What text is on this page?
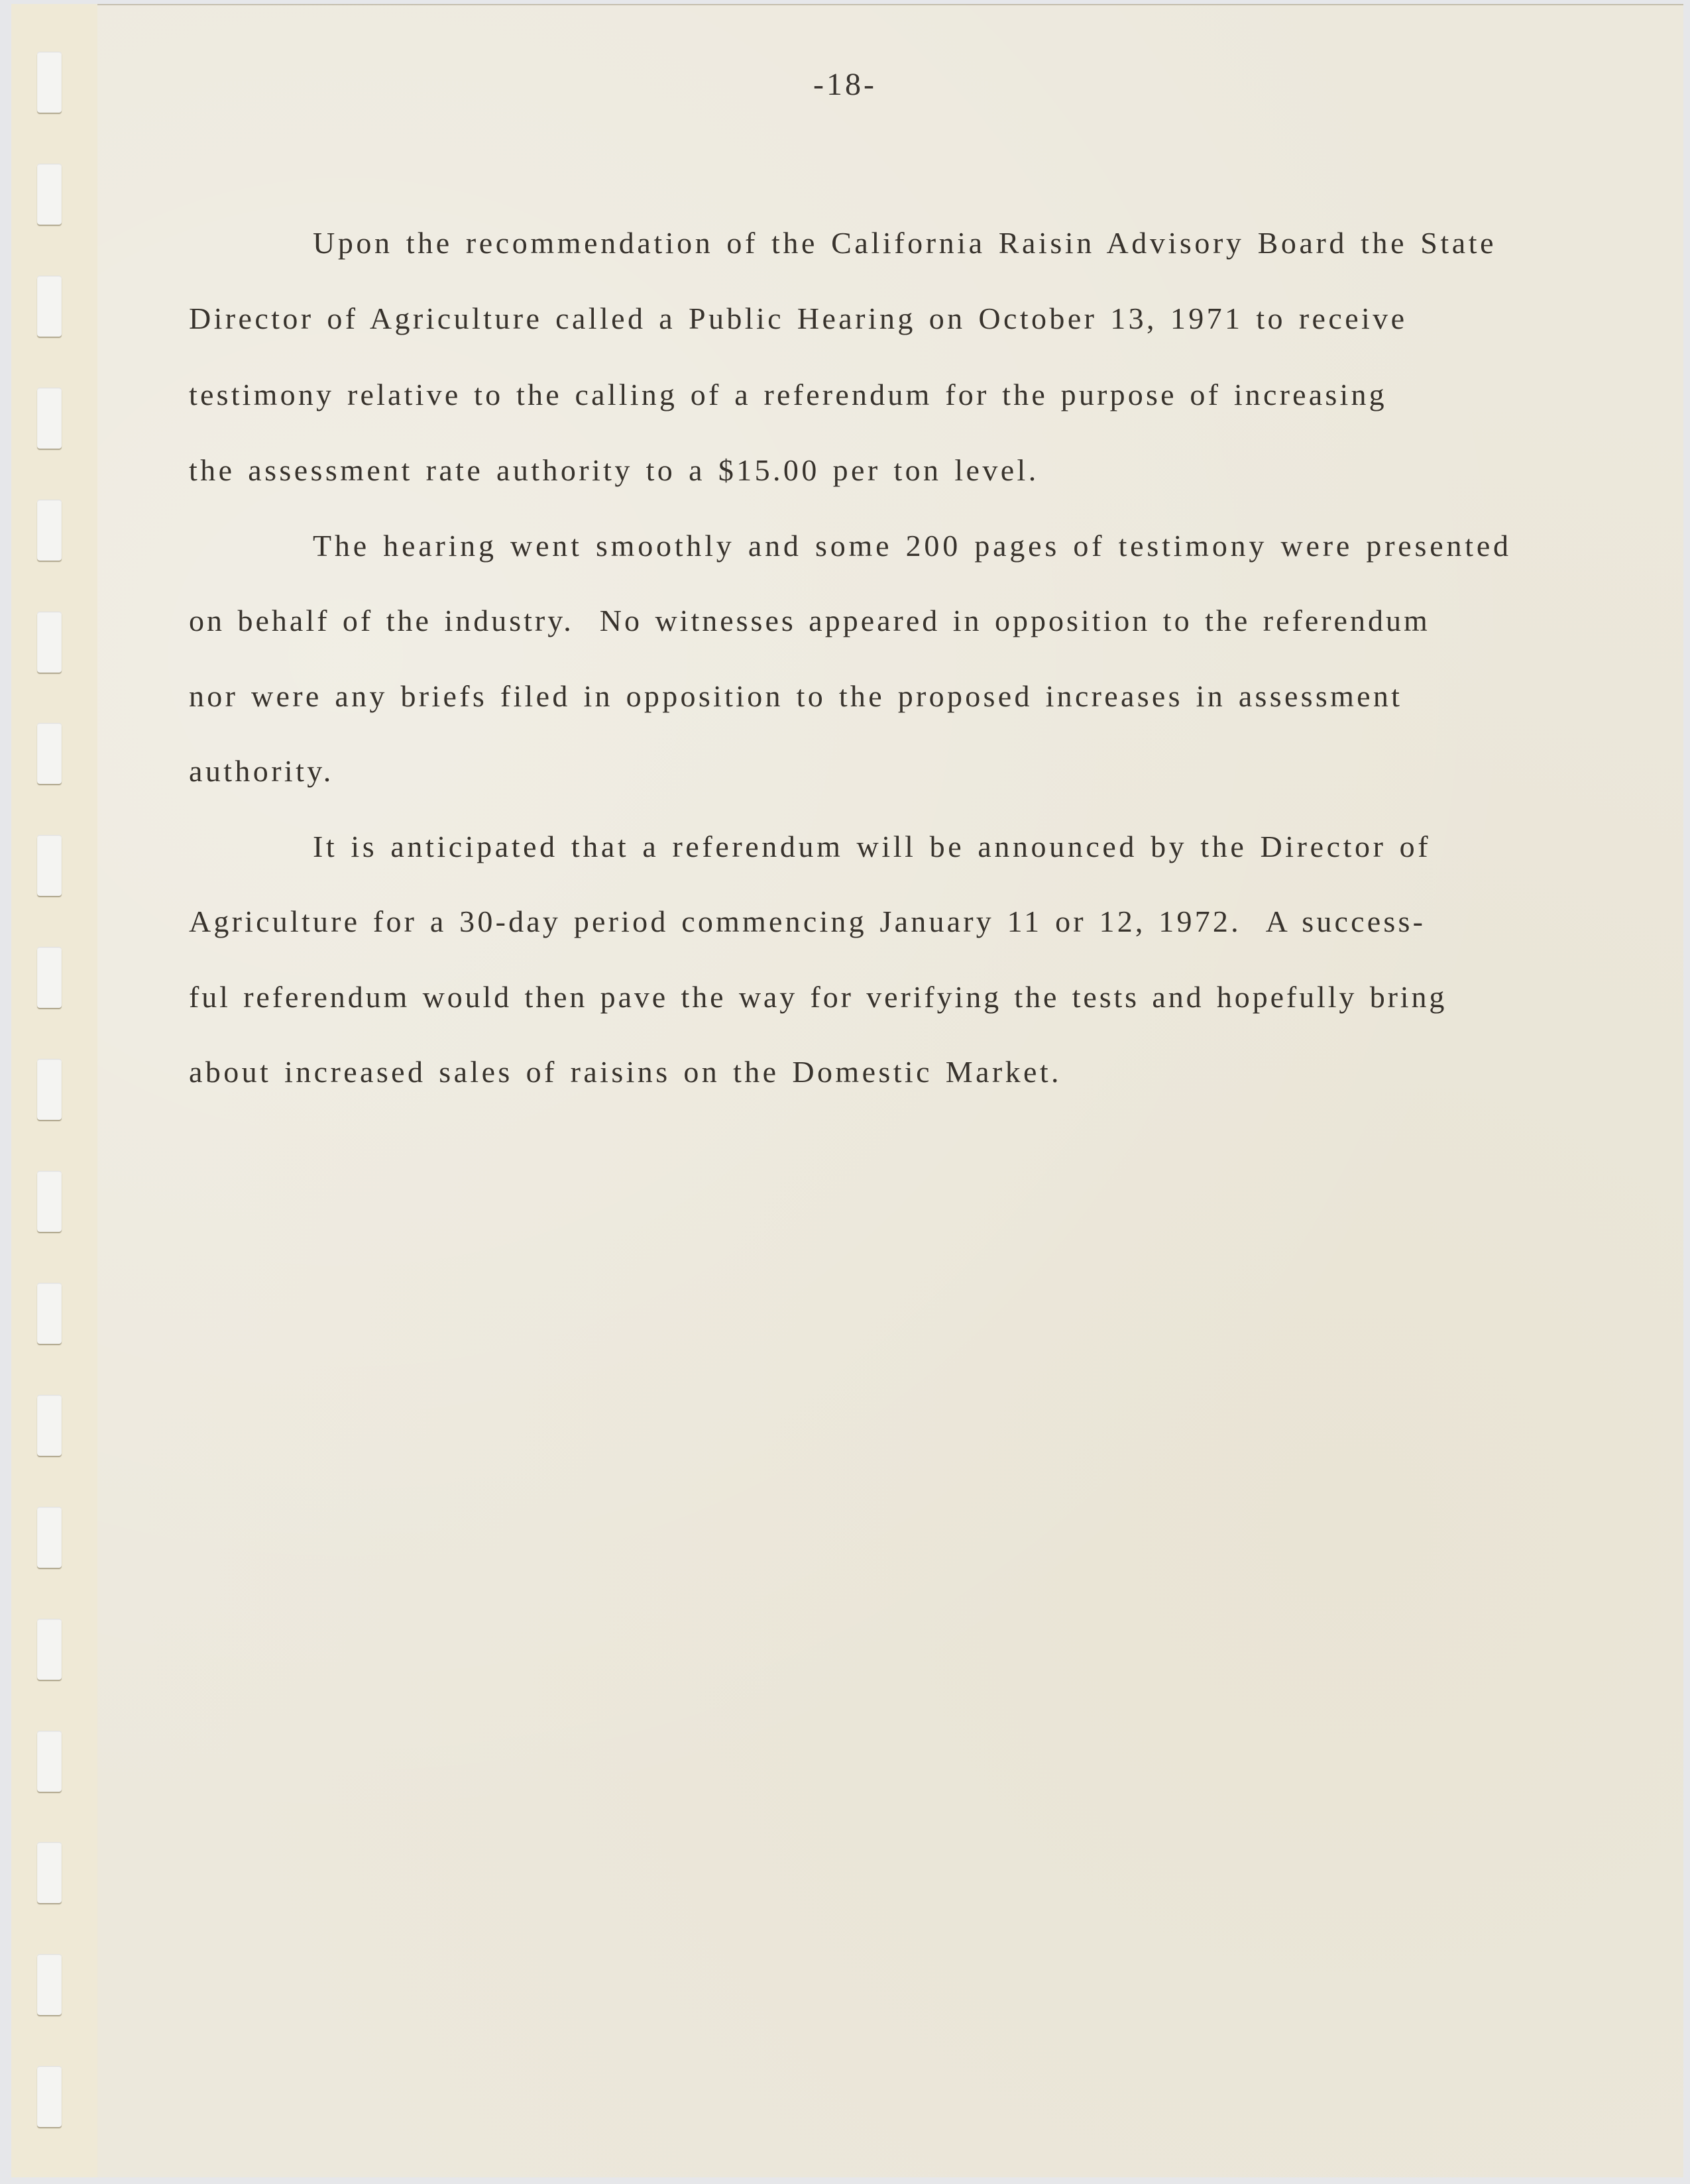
-18-
Upon the recommendation of the California Raisin Advisory Board the State
Director of Agriculture called a Public Hearing on October 13, 1971 to receive
testimony relative to the calling of a referendum for the purpose of increasing
the assessment rate authority to a $15.00 per ton level.
The hearing went smoothly and some 200 pages of testimony were presented
on behalf of the industry.  No witnesses appeared in opposition to the referendum
nor were any briefs filed in opposition to the proposed increases in assessment
authority.
It is anticipated that a referendum will be announced by the Director of
Agriculture for a 30-day period commencing January 11 or 12, 1972.  A success-
ful referendum would then pave the way for verifying the tests and hopefully bring
about increased sales of raisins on the Domestic Market.
